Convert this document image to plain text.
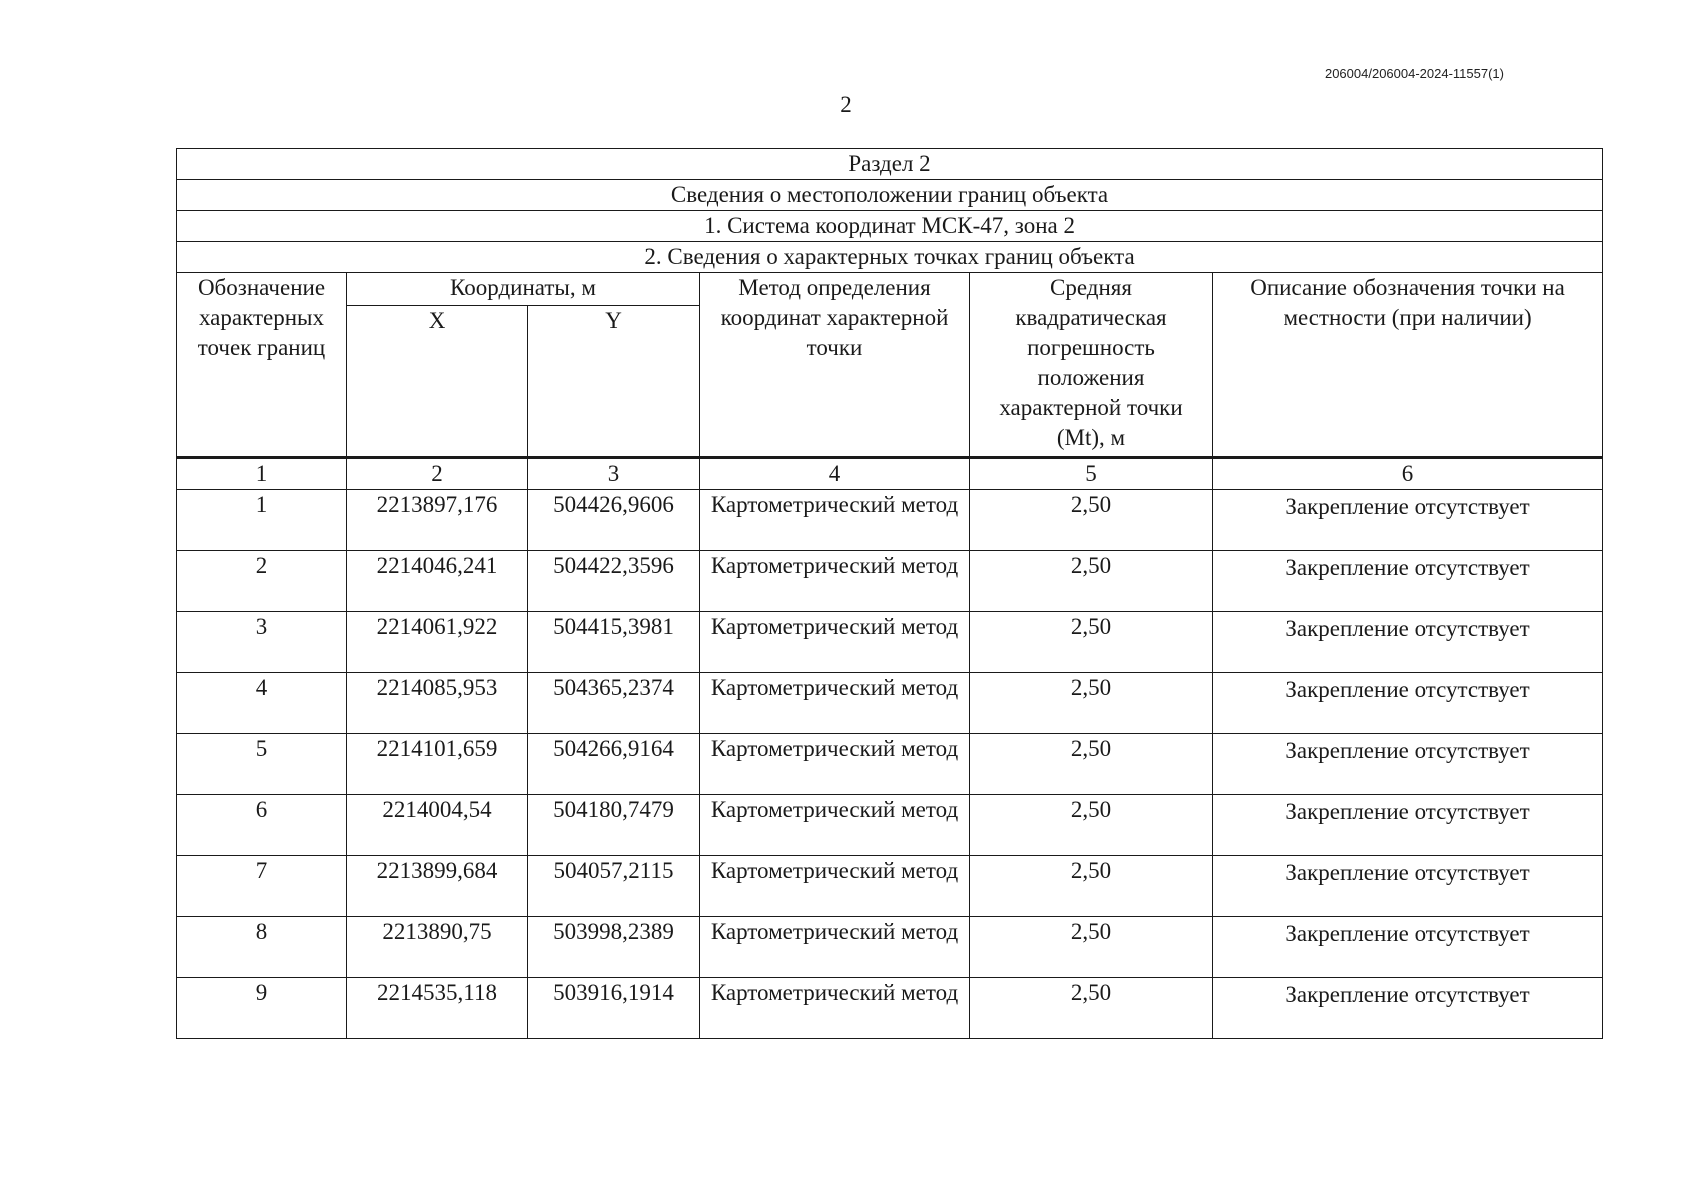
206004/206004-2024-11557(1)
2
Раздел 2					
Сведения о местоположении границ объекта					
1. Система координат МСК-47, зона 2					
2. Сведения о характерных точках границ объекта					
Обозначение характерных точек границ	Координаты, м		Метод определения координат характерной точки	Средняя квадратическая погрешность положения характерной точки (Mt), м	Описание обозначения точки на местности (при наличии)
	X	Y			
1	2	3	4	5	6
1	2213897,176	504426,9606	Картометрический метод	2,50	Закрепление отсутствует
2	2214046,241	504422,3596	Картометрический метод	2,50	Закрепление отсутствует
3	2214061,922	504415,3981	Картометрический метод	2,50	Закрепление отсутствует
4	2214085,953	504365,2374	Картометрический метод	2,50	Закрепление отсутствует
5	2214101,659	504266,9164	Картометрический метод	2,50	Закрепление отсутствует
6	2214004,54	504180,7479	Картометрический метод	2,50	Закрепление отсутствует
7	2213899,684	504057,2115	Картометрический метод	2,50	Закрепление отсутствует
8	2213890,75	503998,2389	Картометрический метод	2,50	Закрепление отсутствует
9	2214535,118	503916,1914	Картометрический метод	2,50	Закрепление отсутствует
